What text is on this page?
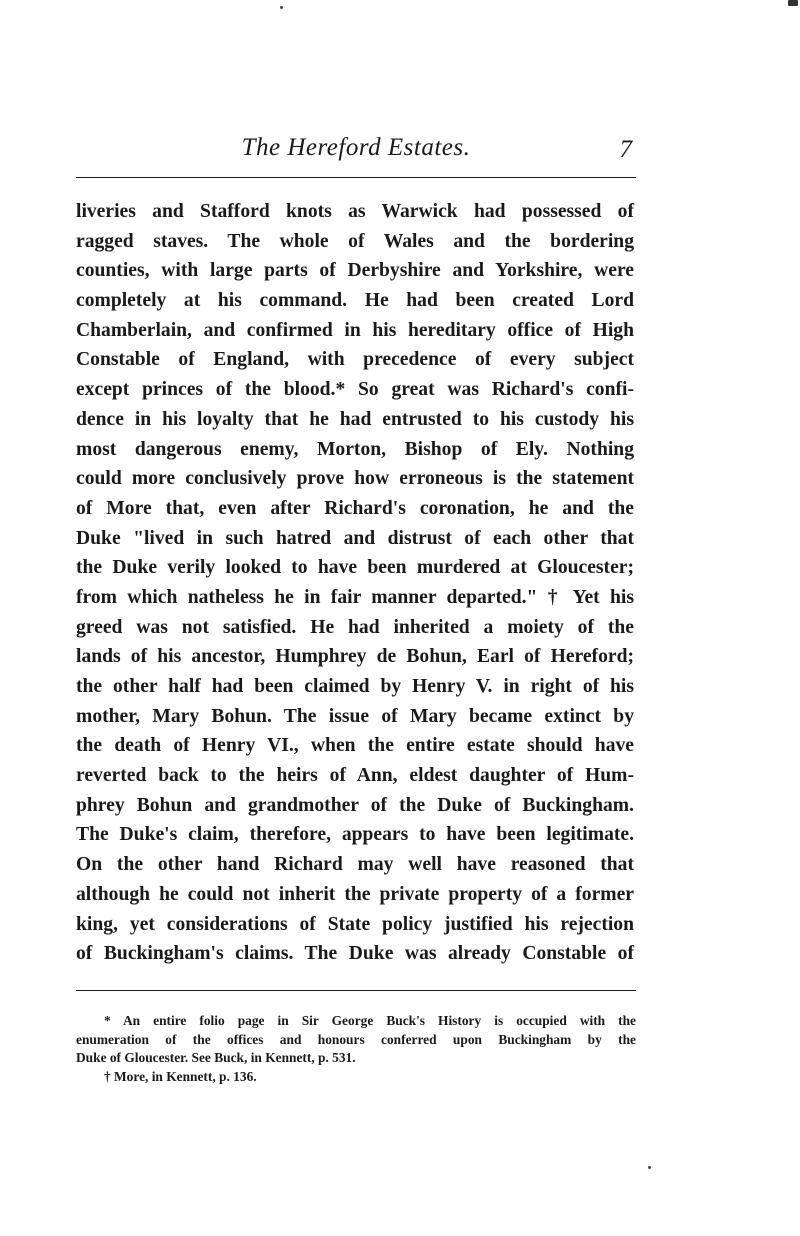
The Hereford Estates.	7
liveries and Stafford knots as Warwick had possessed of
ragged staves. The whole of Wales and the bordering
counties, with large parts of Derbyshire and Yorkshire, were
completely at his command. He had been created Lord
Chamberlain, and confirmed in his hereditary office of High
Constable of England, with precedence of every subject
except princes of the blood.* So great was Richard's confi-
dence in his loyalty that he had entrusted to his custody his
most dangerous enemy, Morton, Bishop of Ely. Nothing
could more conclusively prove how erroneous is the statement
of More that, even after Richard's coronation, he and the
Duke "lived in such hatred and distrust of each other that
the Duke verily looked to have been murdered at Gloucester;
from which natheless he in fair manner departed." † Yet his
greed was not satisfied. He had inherited a moiety of the
lands of his ancestor, Humphrey de Bohun, Earl of Hereford;
the other half had been claimed by Henry V. in right of his
mother, Mary Bohun. The issue of Mary became extinct by
the death of Henry VI., when the entire estate should have
reverted back to the heirs of Ann, eldest daughter of Hum-
phrey Bohun and grandmother of the Duke of Buckingham.
The Duke's claim, therefore, appears to have been legitimate.
On the other hand Richard may well have reasoned that
although he could not inherit the private property of a former
king, yet considerations of State policy justified his rejection
of Buckingham's claims. The Duke was already Constable of
* An entire folio page in Sir George Buck's History is occupied with the
enumeration of the offices and honours conferred upon Buckingham by the
Duke of Gloucester. See Buck, in Kennett, p. 531.
† More, in Kennett, p. 136.
